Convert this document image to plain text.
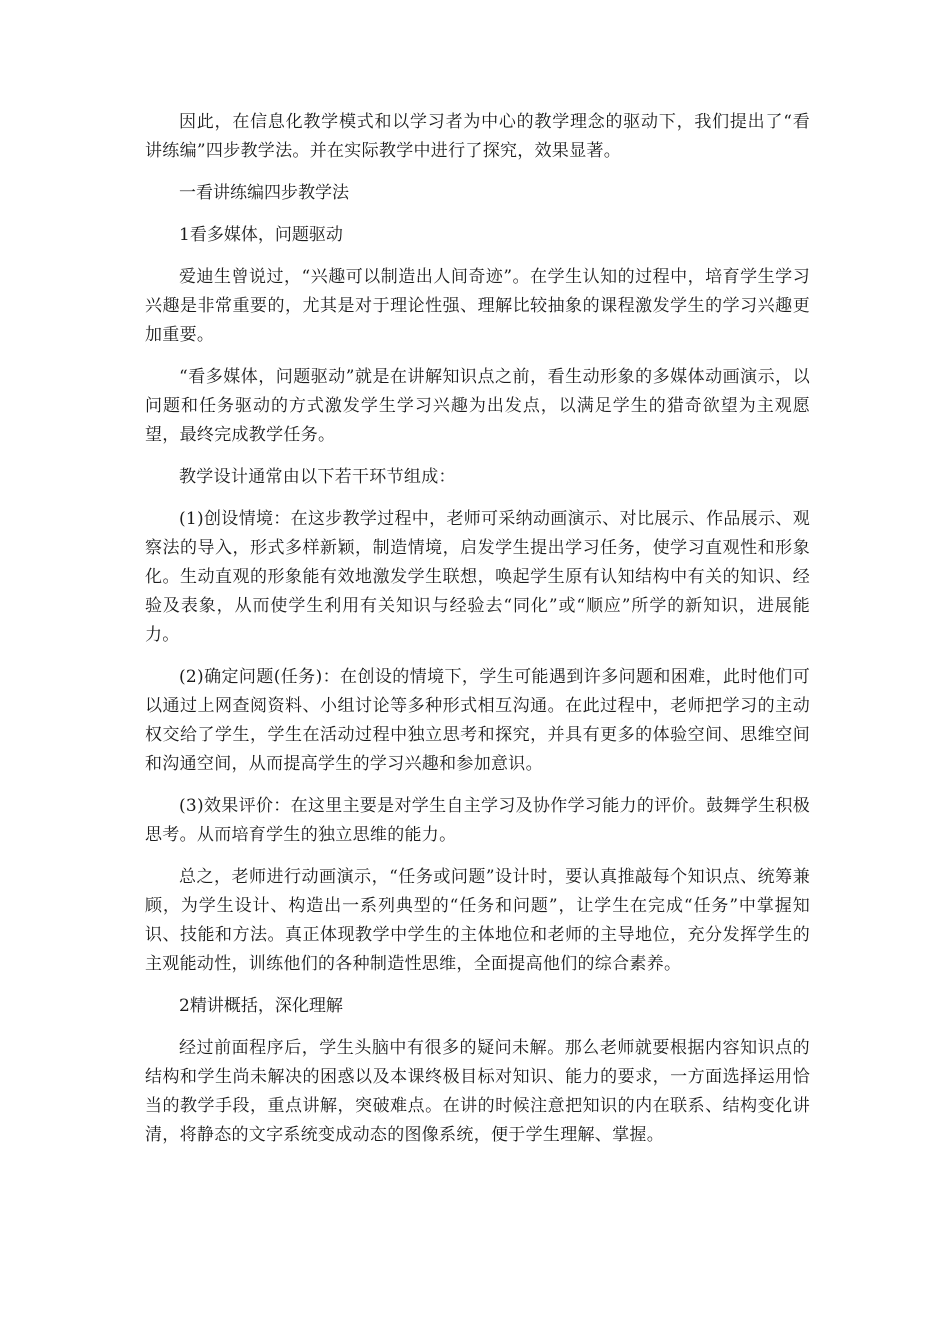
因此，在信息化教学模式和以学习者为中心的教学理念的驱动下，我们提出了“看讲练编”四步教学法。并在实际教学中进行了探究，效果显著。

一看讲练编四步教学法

1看多媒体，问题驱动

爱迪生曾说过，“兴趣可以制造出人间奇迹”。在学生认知的过程中，培育学生学习兴趣是非常重要的，尤其是对于理论性强、理解比较抽象的课程激发学生的学习兴趣更加重要。

“看多媒体，问题驱动”就是在讲解知识点之前，看生动形象的多媒体动画演示，以问题和任务驱动的方式激发学生学习兴趣为出发点，以满足学生的猎奇欲望为主观愿望，最终完成教学任务。

教学设计通常由以下若干环节组成：

(1)创设情境：在这步教学过程中，老师可采纳动画演示、对比展示、作品展示、观察法的导入，形式多样新颖，制造情境，启发学生提出学习任务，使学习直观性和形象化。生动直观的形象能有效地激发学生联想，唤起学生原有认知结构中有关的知识、经验及表象，从而使学生利用有关知识与经验去“同化”或“顺应”所学的新知识，进展能力。

(2)确定问题(任务)：在创设的情境下，学生可能遇到许多问题和困难，此时他们可以通过上网查阅资料、小组讨论等多种形式相互沟通。在此过程中，老师把学习的主动权交给了学生，学生在活动过程中独立思考和探究，并具有更多的体验空间、思维空间和沟通空间，从而提高学生的学习兴趣和参加意识。

(3)效果评价：在这里主要是对学生自主学习及协作学习能力的评价。鼓舞学生积极思考。从而培育学生的独立思维的能力。

总之，老师进行动画演示，“任务或问题”设计时，要认真推敲每个知识点、统筹兼顾，为学生设计、构造出一系列典型的“任务和问题”，让学生在完成“任务”中掌握知识、技能和方法。真正体现教学中学生的主体地位和老师的主导地位，充分发挥学生的主观能动性，训练他们的各种制造性思维，全面提高他们的综合素养。

2精讲概括，深化理解

经过前面程序后，学生头脑中有很多的疑问未解。那么老师就要根据内容知识点的结构和学生尚未解决的困惑以及本课终极目标对知识、能力的要求，一方面选择运用恰当的教学手段，重点讲解，突破难点。在讲的时候注意把知识的内在联系、结构变化讲清，将静态的文字系统变成动态的图像系统，便于学生理解、掌握。
